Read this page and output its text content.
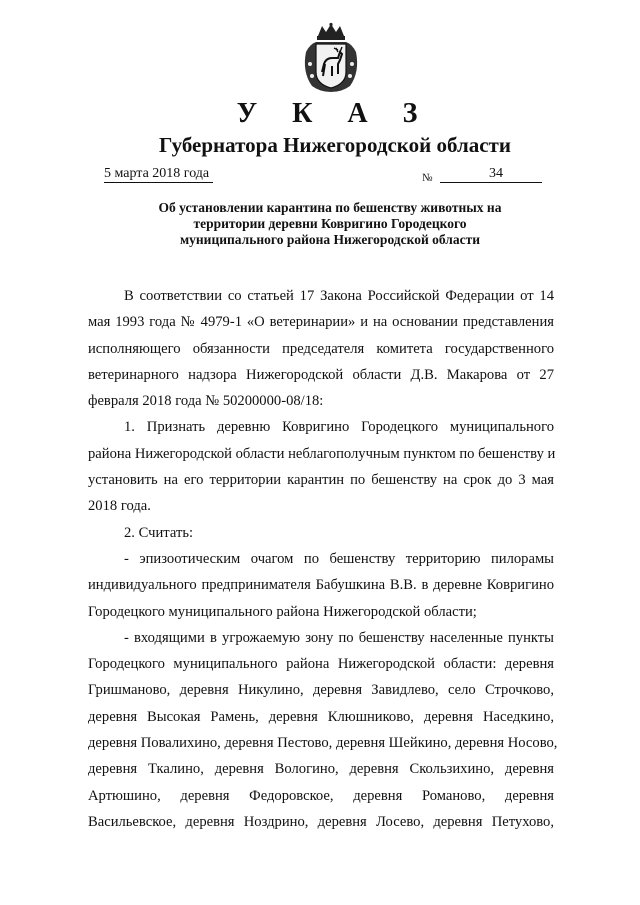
У К А З
Губернатора Нижегородской области
5 марта 2018 года	№	34
Об установлении карантина по бешенству животных на
территории деревни Ковригино Городецкого
муниципального района Нижегородской области
В соответствии со статьей 17 Закона Российской Федерации от 14
мая 1993 года № 4979-1 «О ветеринарии» и на основании представления
исполняющего обязанности председателя комитета государственного
ветеринарного надзора Нижегородской области Д.В. Макарова от 27
февраля 2018 года № 50200000-08/18:
1. Признать деревню Ковригино Городецкого муниципального
района Нижегородской области неблагополучным пунктом по бешенству и
установить на его территории карантин по бешенству на срок до 3 мая
2018 года.
2. Считать:
- эпизоотическим очагом по бешенству территорию пилорамы
индивидуального предпринимателя Бабушкина В.В. в деревне Ковригино
Городецкого муниципального района Нижегородской области;
- входящими в угрожаемую зону по бешенству населенные пункты
Городецкого муниципального района Нижегородской области: деревня
Гришманово, деревня Никулино, деревня Завидлево, село Строчково,
деревня Высокая Рамень, деревня Клюшниково, деревня Наседкино,
деревня Повалихино, деревня Пестово, деревня Шейкино, деревня Носово,
деревня Ткалино, деревня Вологино, деревня Скользихино, деревня
Артюшино, деревня Федоровское, деревня Романово, деревня
Васильевское, деревня Ноздрино, деревня Лосево, деревня Петухово,
